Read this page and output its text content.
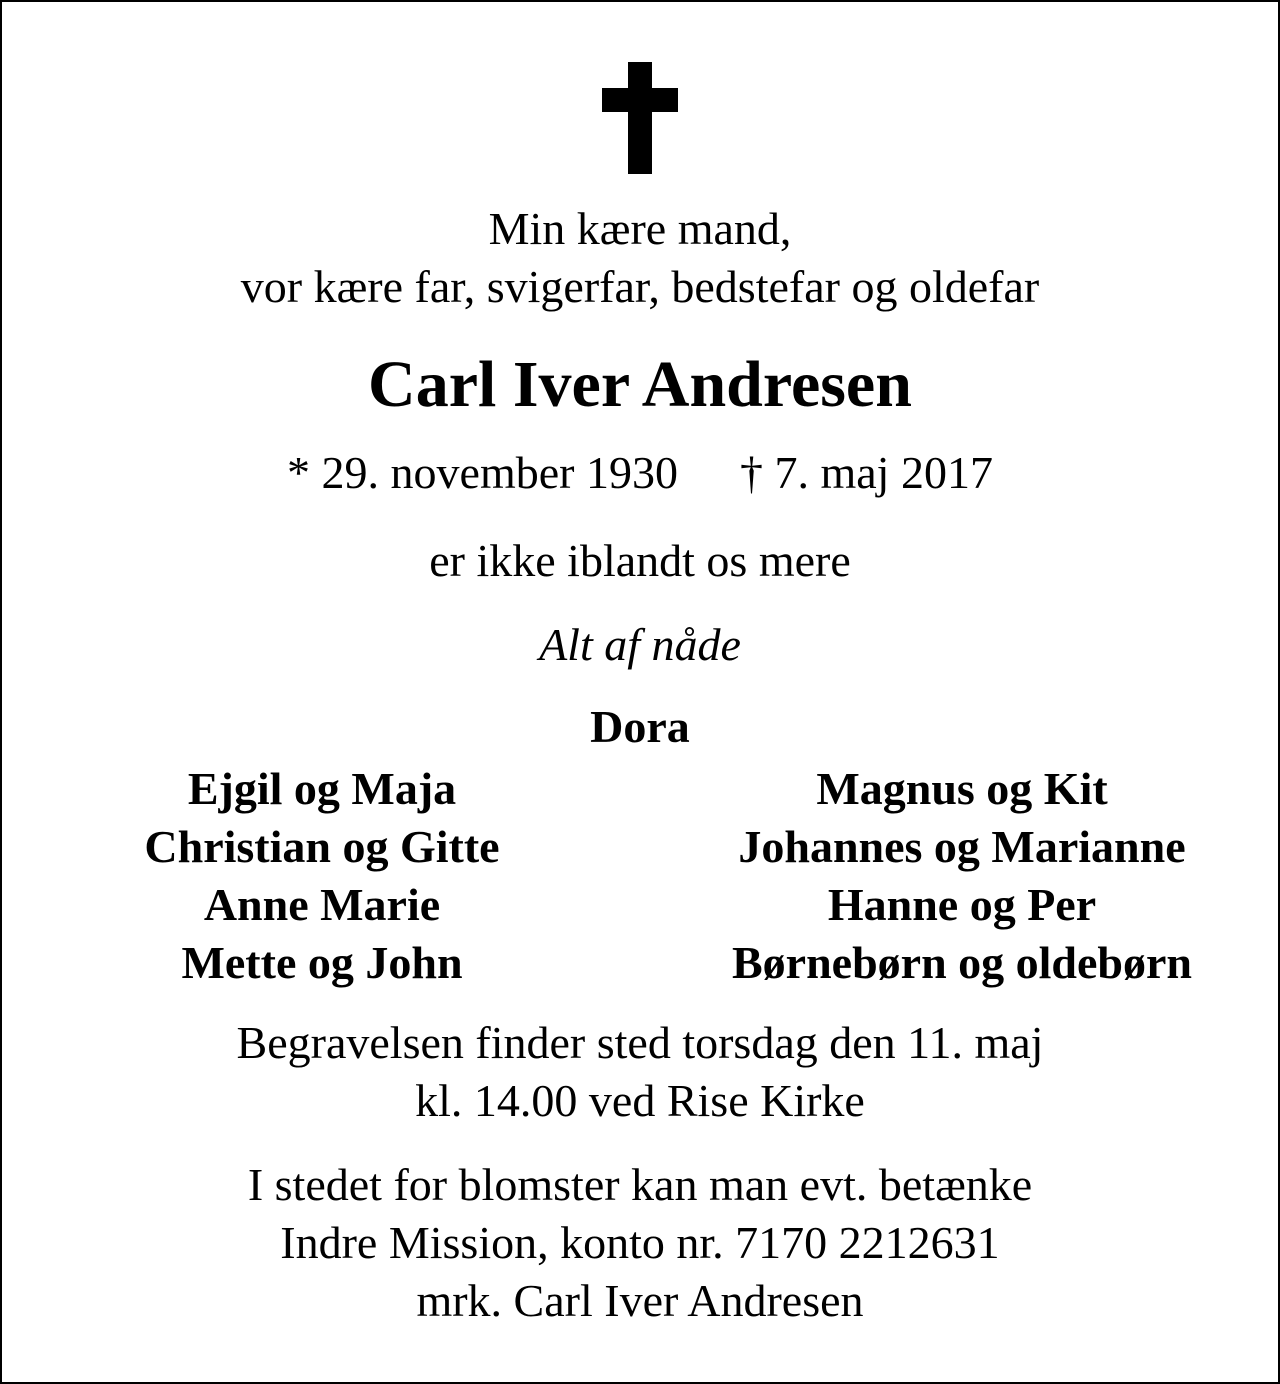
Min kære mand,
vor kære far, svigerfar, bedstefar og oldefar
Carl Iver Andresen
* 29. november 1930 † 7. maj 2017
er ikke iblandt os mere
Alt af nåde
Dora
Ejgil og Maja
Christian og Gitte
Anne Marie
Mette og John
Magnus og Kit
Johannes og Marianne
Hanne og Per
Børnebørn og oldebørn
Begravelsen finder sted torsdag den 11. maj
kl. 14.00 ved Rise Kirke
I stedet for blomster kan man evt. betænke
Indre Mission, konto nr. 7170 2212631
mrk. Carl Iver Andresen
